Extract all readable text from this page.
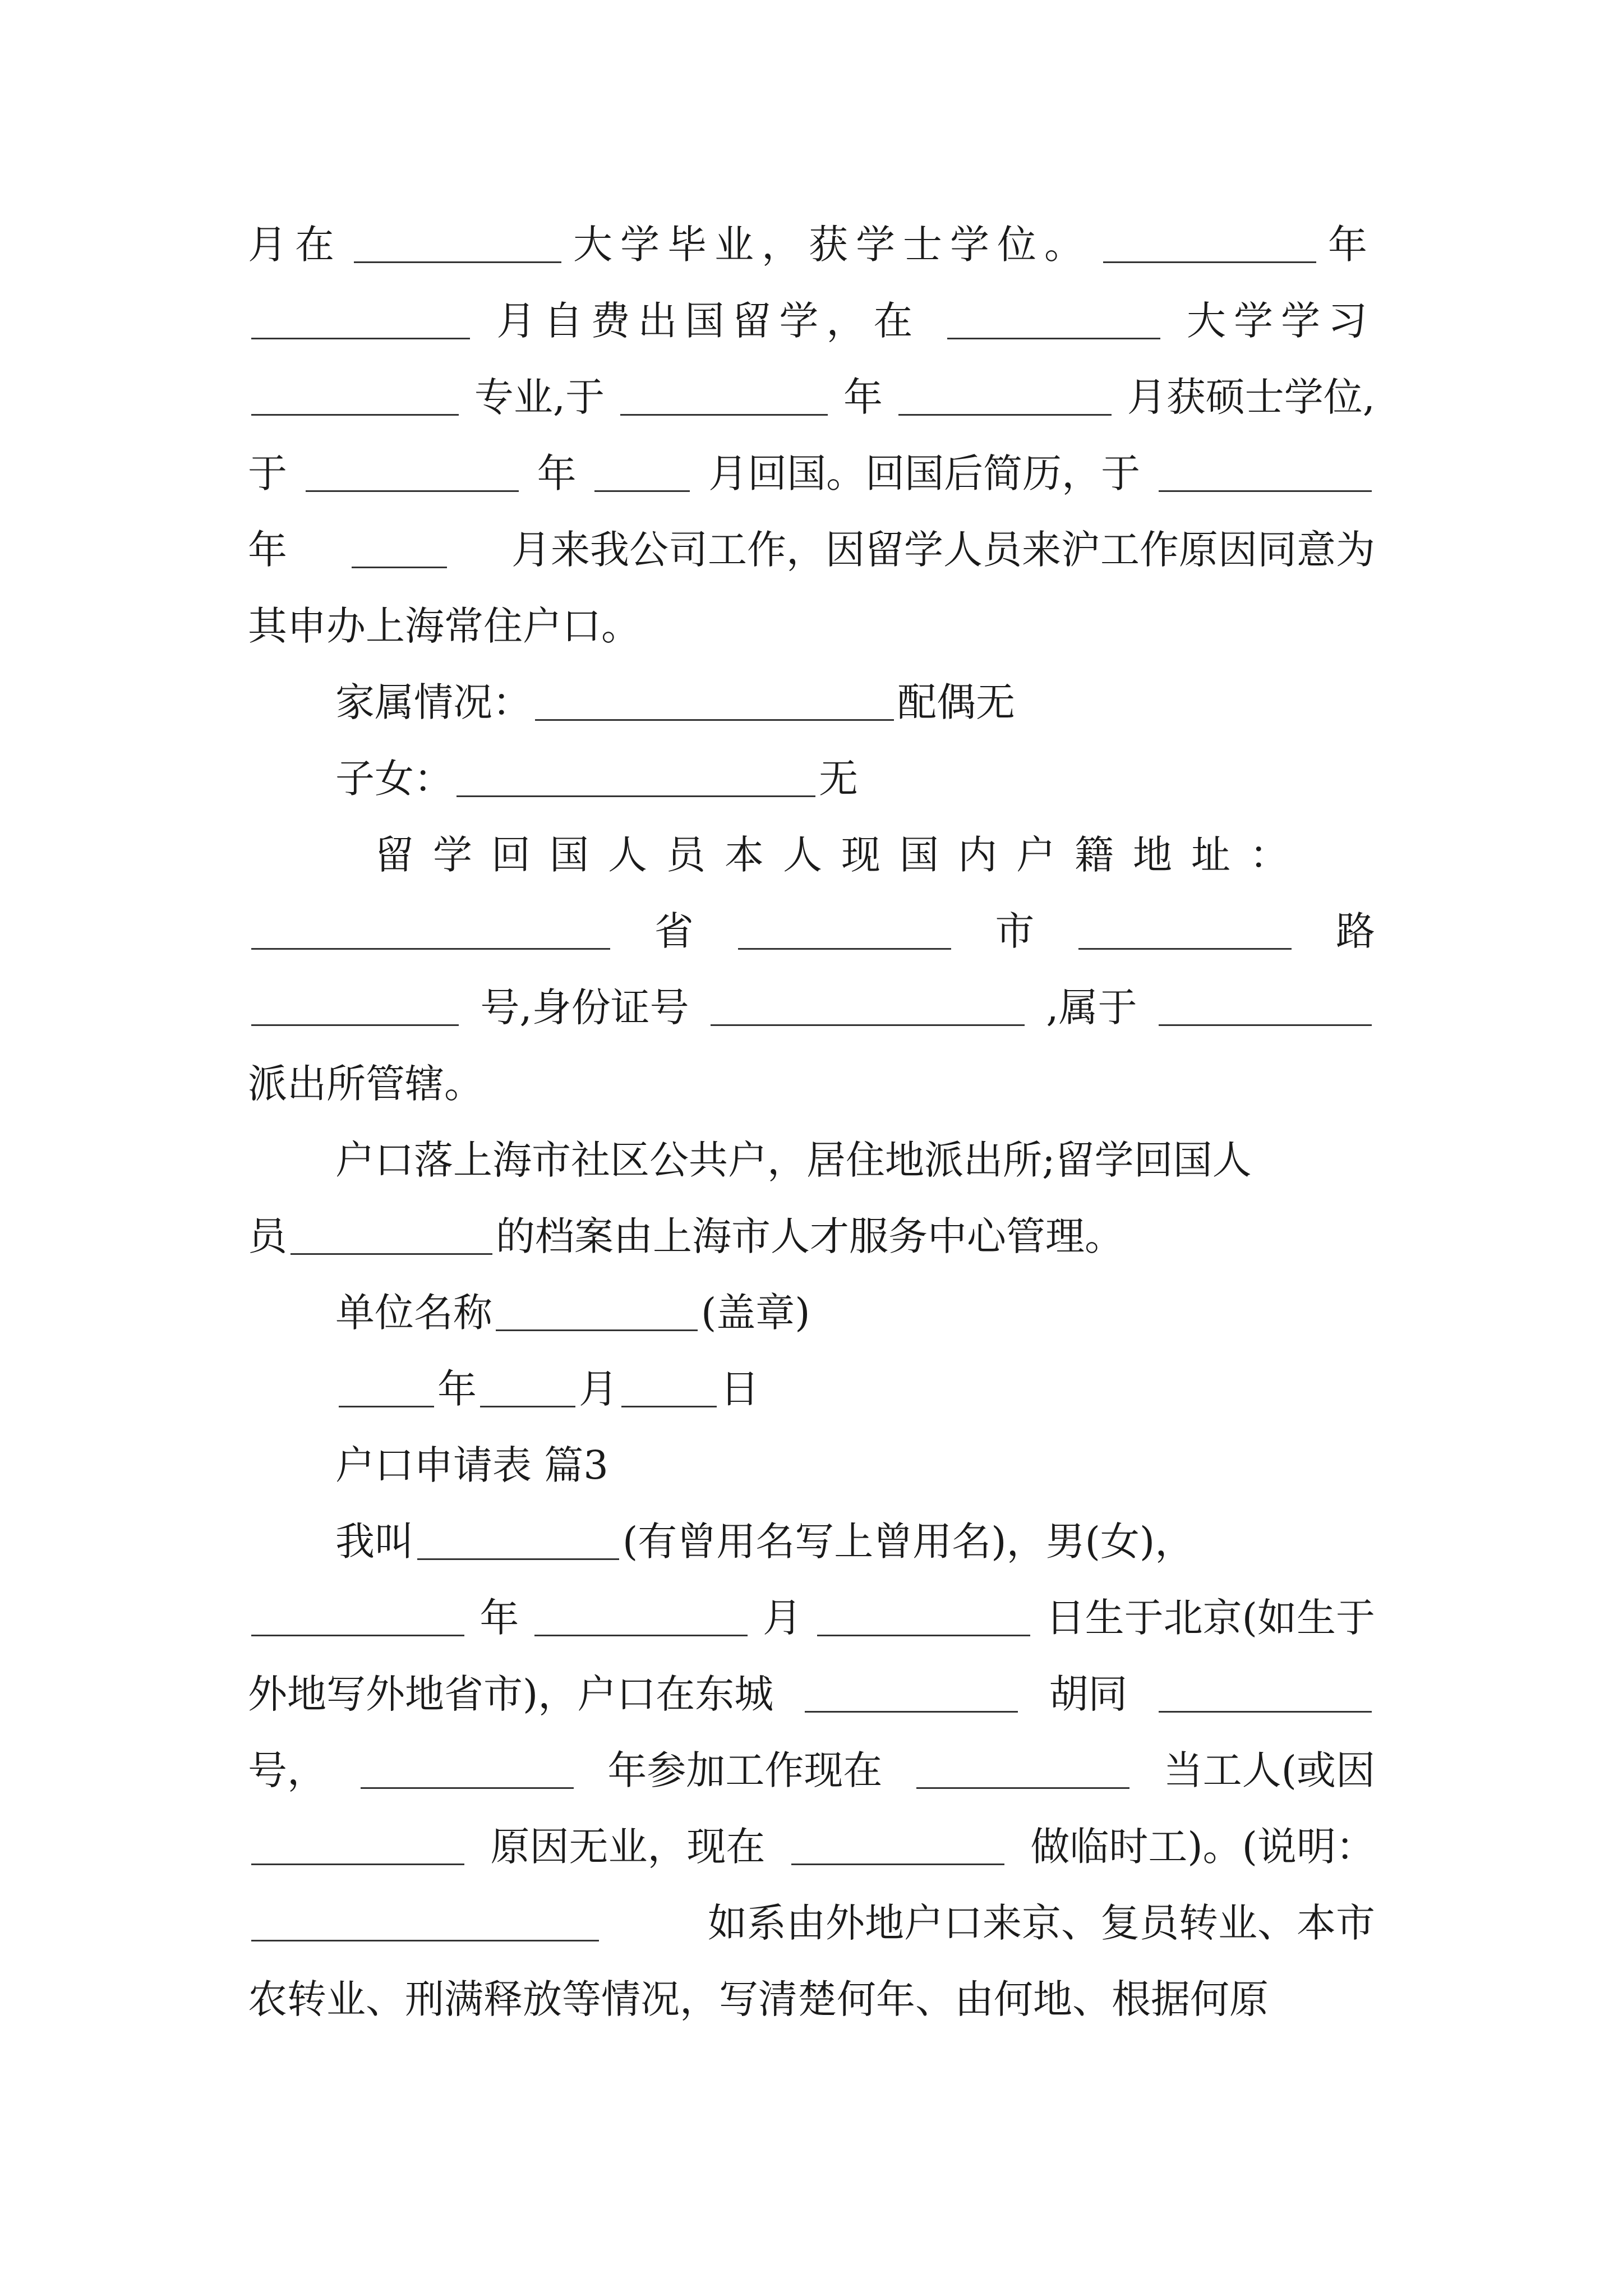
月在	大学毕业，获学士学位。	年
月自费出国留学，在	大学学习
专业,于	年	月获硕士学位,
于	年	月回国。回国后简历，于
年	月来我公司工作，因留学人员来沪工作原因同意为
其申办上海常住户口。
家属情况：	配偶无
子女：	无
留学回国人员本人现国内户籍地址：
省	市	路
号,身份证号	,属于
派出所管辖。
户口落上海市社区公共户，居住地派出所;留学回国人
员	的档案由上海市人才服务中心管理。
单位名称	(盖章)
年	月	日
户口申请表 篇3
我叫	(有曾用名写上曾用名)，男(女)，
年	月	日生于北京(如生于
外地写外地省市)，户口在东城	胡同
号，	年参加工作现在	当工人(或因
原因无业，现在	做临时工)。(说明：
如系由外地户口来京、复员转业、本市
农转业、刑满释放等情况，写清楚何年、由何地、根据何原
